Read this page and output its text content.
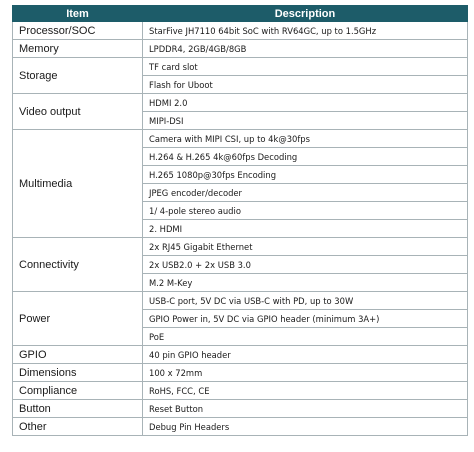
Item	Description
Processor/SOC	StarFive JH7110 64bit SoC with RV64GC, up to 1.5GHz
Memory	LPDDR4, 2GB/4GB/8GB
Storage	TF card slot
	Flash for Uboot
Video output	HDMI 2.0
	MIPI-DSI
Multimedia	Camera with MIPI CSI, up to 4k@30fps
	H.264 & H.265 4k@60fps Decoding
	H.265 1080p@30fps Encoding
	JPEG encoder/decoder
	1/ 4-pole stereo audio
	2. HDMI
Connectivity	2x RJ45 Gigabit Ethernet
	2x USB2.0 + 2x USB 3.0
	M.2 M-Key
Power	USB-C port, 5V DC via USB-C with PD, up to 30W
	GPIO Power in, 5V DC via GPIO header (minimum 3A+)
	PoE
GPIO	40 pin GPIO header
Dimensions	100 x 72mm
Compliance	RoHS, FCC, CE
Button	Reset Button
Other	Debug Pin Headers
